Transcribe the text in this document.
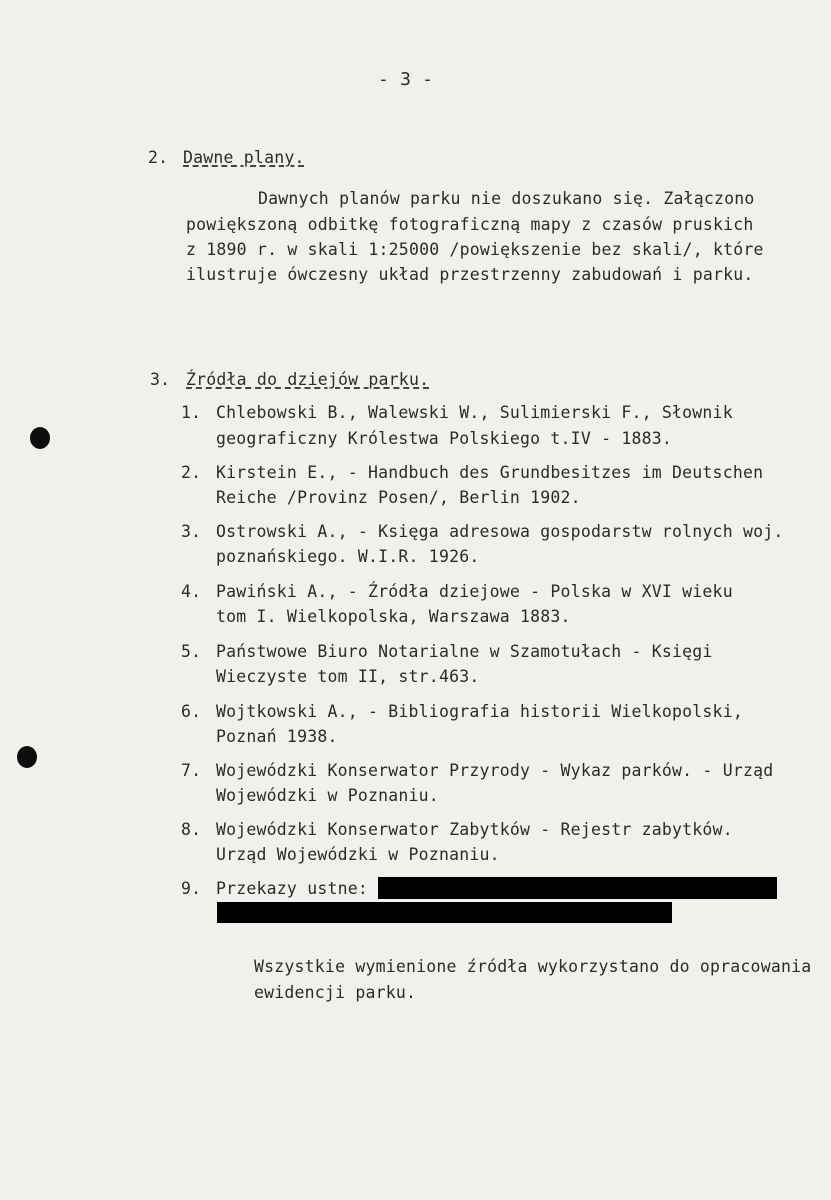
- 3 -
2. Dawne planу.
Dawnych planów parku nie doszukano się. Załączono
powiększoną odbitkę fotograficzną mapy z czasów pruskich
z 1890 r. w skali 1:25000 /powiększenie bez skali/, które
ilustruje ówczesny układ przestrzenny zabudowań i parku.
3. Źródła do dziejów parku.
1. Chlebowski B., Walewski W., Sulimierski F., Słownik
geograficzny Królestwa Polskiego t.IV - 1883.
2. Kirstein E., - Handbuch des Grundbesitzes im Deutschen
Reiche /Provinz Posen/, Berlin 1902.
3. Ostrowski A., - Księga adresowa gospodarstw rolnych woj.
poznańskiego. W.I.R. 1926.
4. Pawiński A., - Źródła dziejowe - Polska w XVI wieku
tom I. Wielkopolska, Warszawa 1883.
5. Państwowe Biuro Notarialne w Szamotułach - Księgi
Wieczyste tom II, str.463.
6. Wojtkowski A., - Bibliografia historii Wielkopolski,
Poznań 1938.
7. Wojewódzki Konserwator Przyrody - Wykaz parków. - Urząd
Wojewódzki w Poznaniu.
8. Wojewódzki Konserwator Zabytków - Rejestr zabytków.
Urząd Wojewódzki w Poznaniu.
9. Przekazy ustne:
Wszystkie wymienione źródła wykorzystano do opracowania
ewidencji parku.
